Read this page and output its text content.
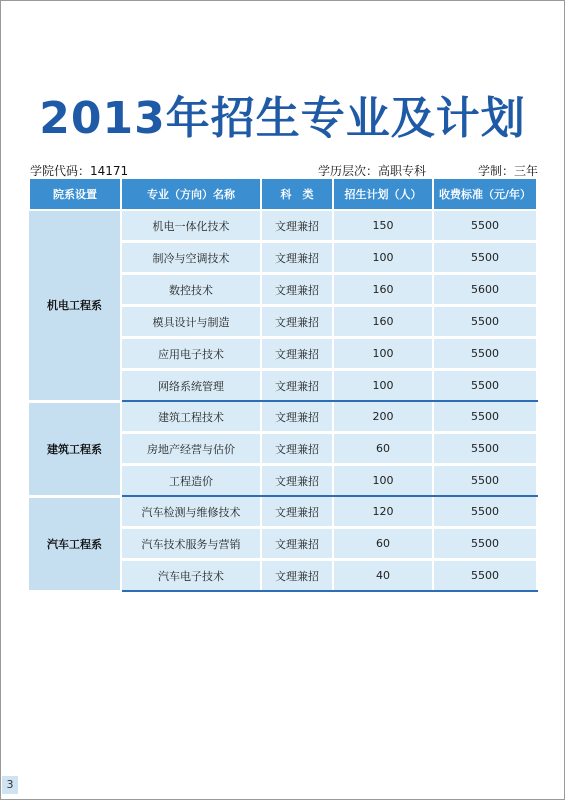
2013年招生专业及计划
学院代码：14171	学历层次：高职专科	学制：三年
院系设置	专业（方向）名称	科　类	招生计划（人）	收费标准（元/年）
机电工程系	机电一体化技术	文理兼招	150	5500
	制冷与空调技术	文理兼招	100	5500
	数控技术	文理兼招	160	5600
	模具设计与制造	文理兼招	160	5500
	应用电子技术	文理兼招	100	5500
	网络系统管理	文理兼招	100	5500
建筑工程系	建筑工程技术	文理兼招	200	5500
	房地产经营与估价	文理兼招	60	5500
	工程造价	文理兼招	100	5500
汽车工程系	汽车检测与维修技术	文理兼招	120	5500
	汽车技术服务与营销	文理兼招	60	5500
	汽车电子技术	文理兼招	40	5500
3
